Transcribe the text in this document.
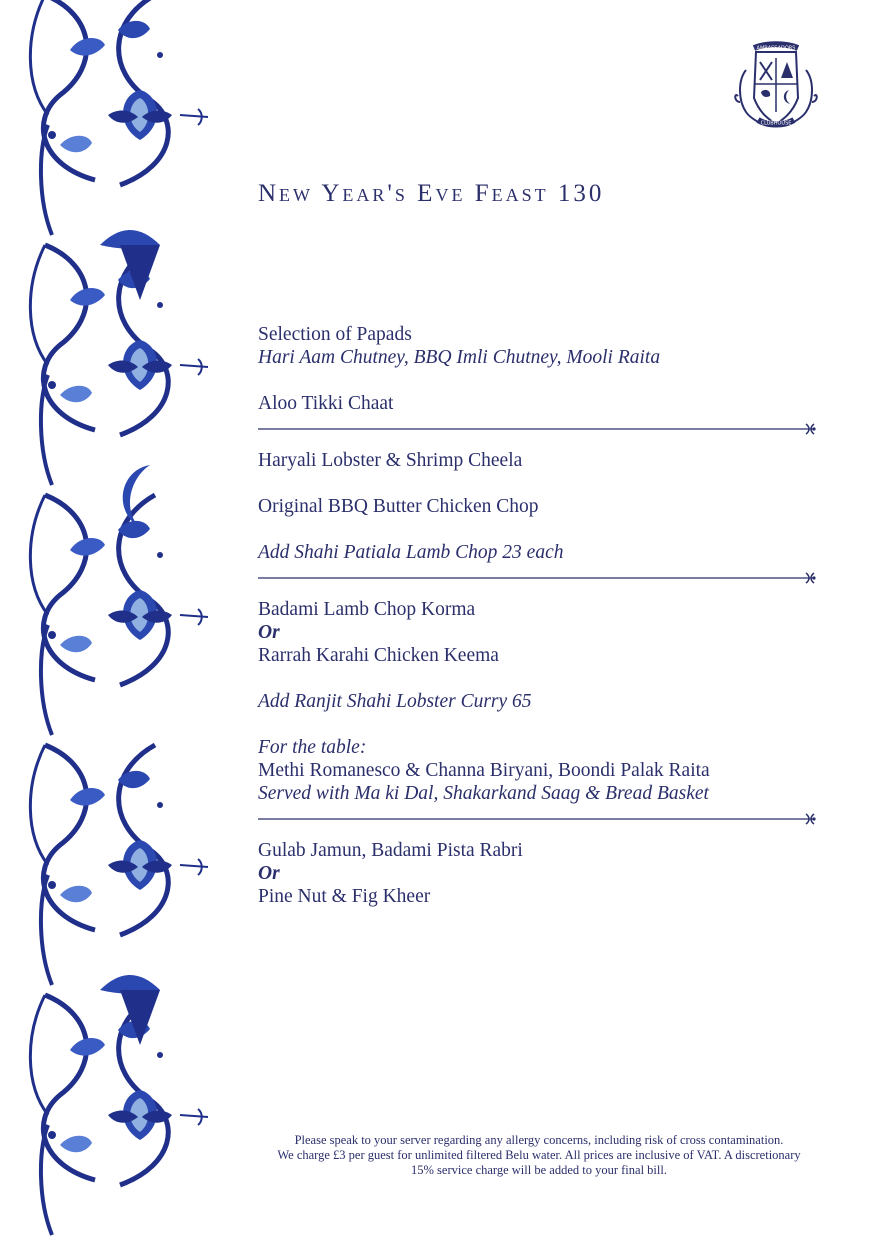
AMBASSADORS
CLUBHOUSE
New Year's Eve Feast 130
Selection of Papads
Hari Aam Chutney, BBQ Imli Chutney, Mooli Raita
Aloo Tikki Chaat
Haryali Lobster & Shrimp Cheela
Original BBQ Butter Chicken Chop
Add Shahi Patiala Lamb Chop 23 each
Badami Lamb Chop Korma
Or
Rarrah Karahi Chicken Keema
Add Ranjit Shahi Lobster Curry 65
For the table:
Methi Romanesco & Channa Biryani, Boondi Palak Raita
Served with Ma ki Dal, Shakarkand Saag & Bread Basket
Gulab Jamun, Badami Pista Rabri
Or
Pine Nut & Fig Kheer
Please speak to your server regarding any allergy concerns, including risk of cross contamination.
We charge £3 per guest for unlimited filtered Belu water. All prices are inclusive of VAT. A discretionary
15% service charge will be added to your final bill.
